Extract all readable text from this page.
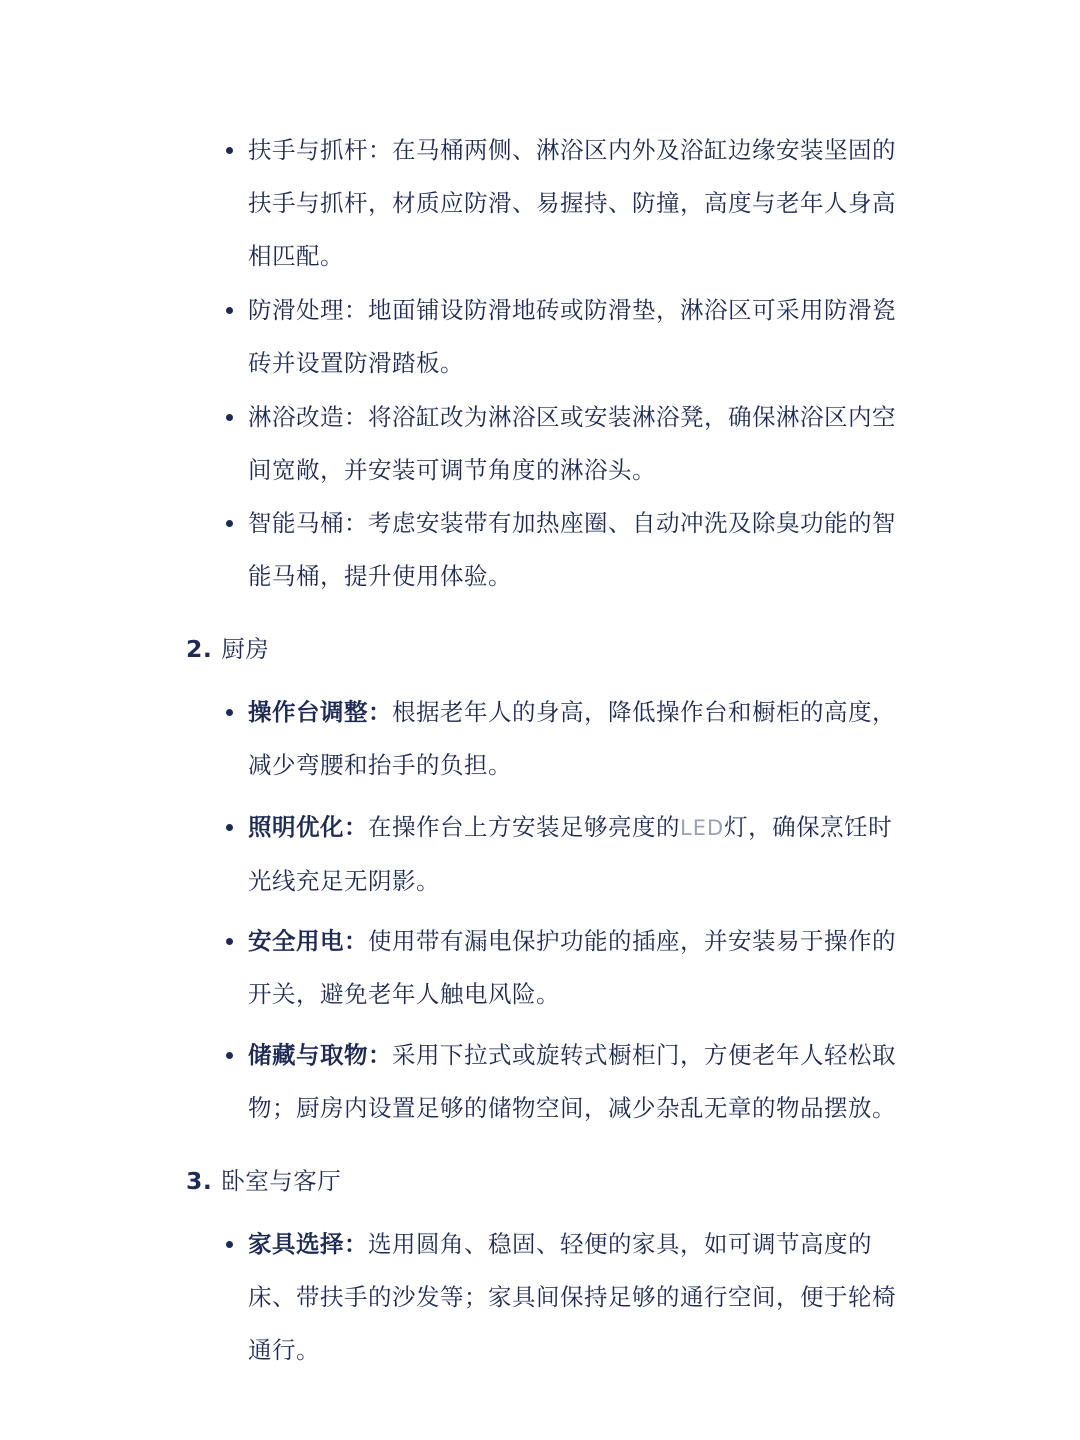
扶手与抓杆：在马桶两侧、淋浴区内外及浴缸边缘安装坚固的扶手与抓杆，材质应防滑、易握持、防撞，高度与老年人身高相匹配。
防滑处理：地面铺设防滑地砖或防滑垫，淋浴区可采用防滑瓷砖并设置防滑踏板。
淋浴改造：将浴缸改为淋浴区或安装淋浴凳，确保淋浴区内空间宽敞，并安装可调节角度的淋浴头。
智能马桶：考虑安装带有加热座圈、自动冲洗及除臭功能的智能马桶，提升使用体验。
2. 厨房
操作台调整：根据老年人的身高，降低操作台和橱柜的高度，减少弯腰和抬手的负担。
照明优化：在操作台上方安装足够亮度的LED灯，确保烹饪时光线充足无阴影。
安全用电：使用带有漏电保护功能的插座，并安装易于操作的开关，避免老年人触电风险。
储藏与取物：采用下拉式或旋转式橱柜门，方便老年人轻松取物；厨房内设置足够的储物空间，减少杂乱无章的物品摆放。
3. 卧室与客厅
家具选择：选用圆角、稳固、轻便的家具，如可调节高度的床、带扶手的沙发等；家具间保持足够的通行空间，便于轮椅通行。
